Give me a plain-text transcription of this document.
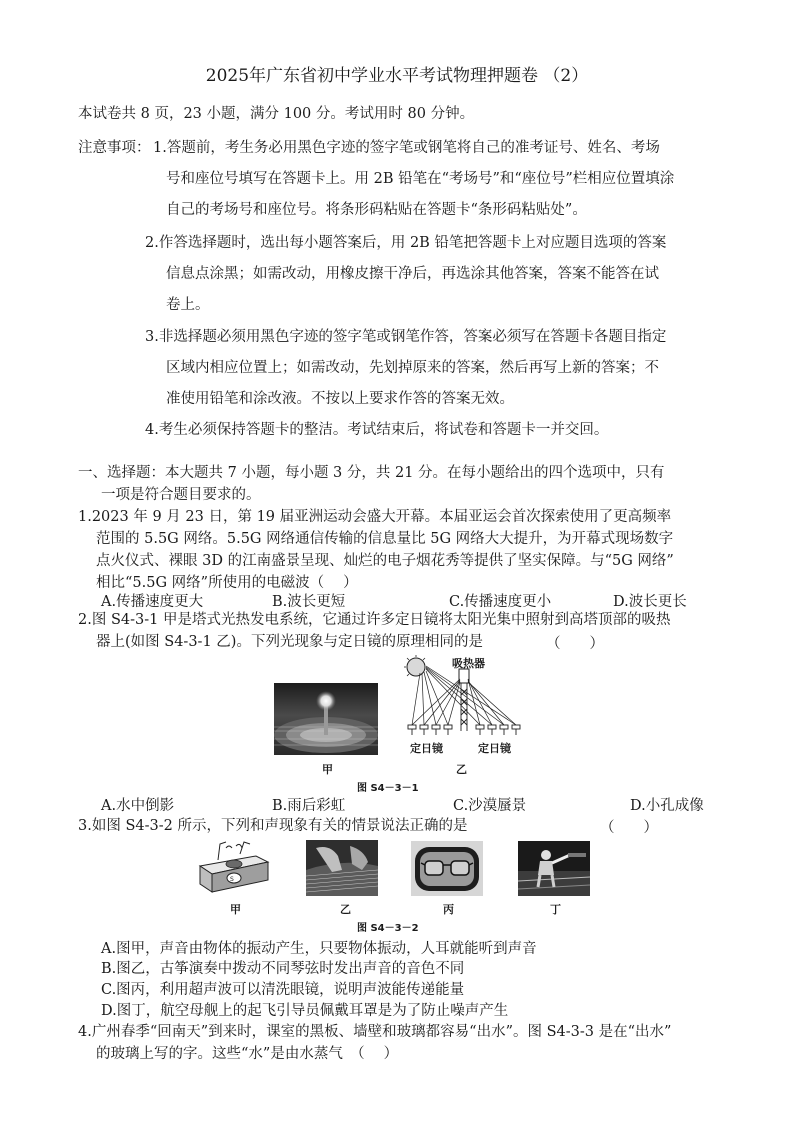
2025年广东省初中学业水平考试物理押题卷 （2）
本试卷共 8 页，23 小题，满分 100 分。考试用时 80 分钟。
注意事项： 1.答题前，考生务必用黑色字迹的签字笔或钢笔将自己的准考证号、姓名、考场
号和座位号填写在答题卡上。用 2B 铅笔在“考场号”和“座位号”栏相应位置填涂
自己的考场号和座位号。将条形码粘贴在答题卡“条形码粘贴处”。
2.作答选择题时，选出每小题答案后，用 2B 铅笔把答题卡上对应题目选项的答案
信息点涂黑；如需改动，用橡皮擦干净后，再选涂其他答案，答案不能答在试
卷上。
3.非选择题必须用黑色字迹的签字笔或钢笔作答，答案必须写在答题卡各题目指定
区域内相应位置上；如需改动，先划掉原来的答案，然后再写上新的答案；不
准使用铅笔和涂改液。不按以上要求作答的答案无效。
4.考生必须保持答题卡的整洁。考试结束后，将试卷和答题卡一并交回。
一、选择题：本大题共 7 小题，每小题 3 分，共 21 分。在每小题给出的四个选项中，只有
一项是符合题目要求的。
1.2023 年 9 月 23 日，第 19 届亚洲运动会盛大开幕。本届亚运会首次探索使用了更高频率
范围的 5.5G 网络。5.5G 网络通信传输的信息量比 5G 网络大大提升，为开幕式现场数字
点火仪式、裸眼 3D 的江南盛景呈现、灿烂的电子烟花秀等提供了坚实保障。与“5G 网络”
相比“5.5G 网络”所使用的电磁波（　 ）
A.传播速度更大	B.波长更短	C.传播速度更小	D.波长更长
2.图 S4-3-1 甲是塔式光热发电系统，它通过许多定日镜将太阳光集中照射到高塔顶部的吸热
器上(如图 S4-3-1 乙)。下列光现象与定日镜的原理相同的是	（　　）
吸热器
定日镜	定日镜
甲	乙
图 S4－3－1
A.水中倒影	B.雨后彩虹	C.沙漠蜃景	D.小孔成像
3.如图 S4-3-2 所示，下列和声现象有关的情景说法正确的是	（　　）
S
甲	乙	丙	丁
图 S4－3－2
A.图甲，声音由物体的振动产生，只要物体振动，人耳就能听到声音
B.图乙，古筝演奏中拨动不同琴弦时发出声音的音色不同
C.图丙，利用超声波可以清洗眼镜，说明声波能传递能量
D.图丁，航空母舰上的起飞引导员佩戴耳罩是为了防止噪声产生
4.广州春季“回南天”到来时，课室的黑板、墙壁和玻璃都容易“出水”。图 S4-3-3 是在“出水”
的玻璃上写的字。这些“水”是由水蒸气　（　 ）
